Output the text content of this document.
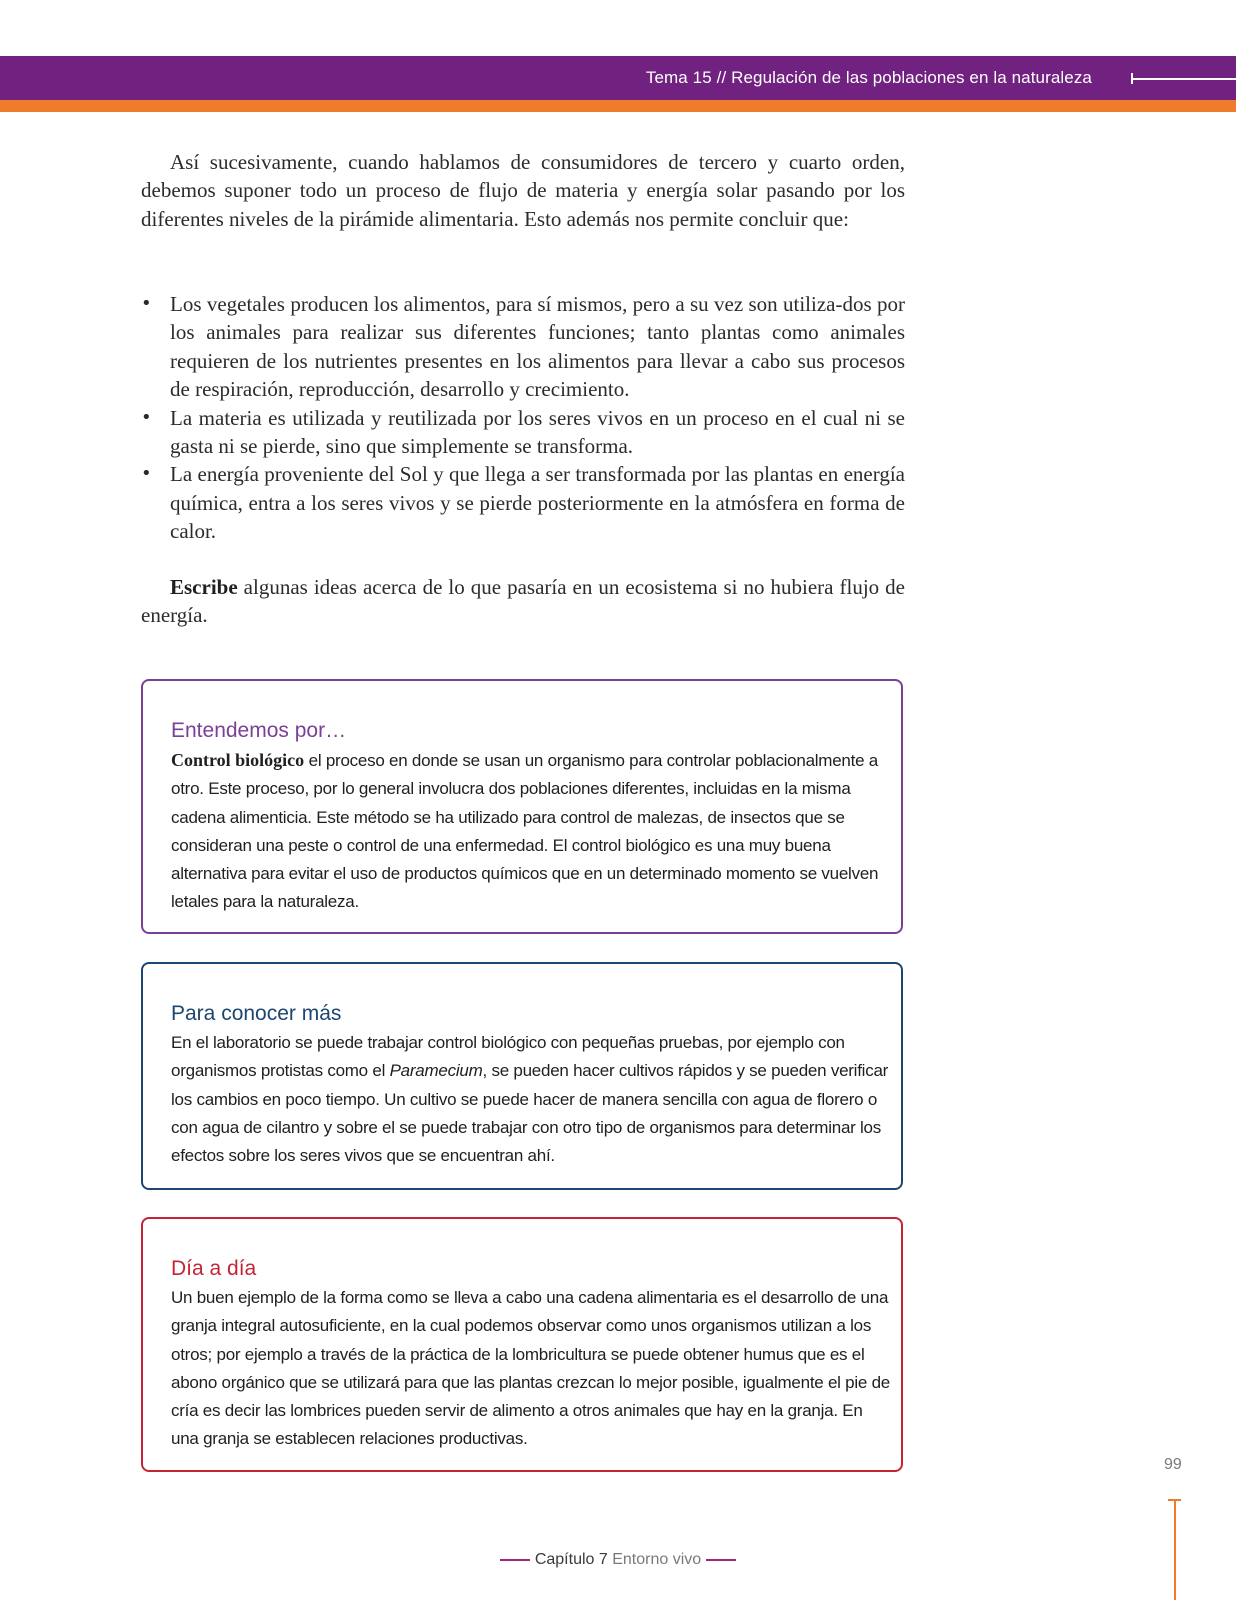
Tema 15 // Regulación de las poblaciones en la naturaleza

Así sucesivamente, cuando hablamos de consumidores de tercero y cuarto orden, debemos suponer todo un proceso de flujo de materia y energía solar pasando por los diferentes niveles de la pirámide alimentaria. Esto además nos permite concluir que:

• Los vegetales producen los alimentos, para sí mismos, pero a su vez son utiliza-dos por los animales para realizar sus diferentes funciones; tanto plantas como animales requieren de los nutrientes presentes en los alimentos para llevar a cabo sus procesos de respiración, reproducción, desarrollo y crecimiento.
• La materia es utilizada y reutilizada por los seres vivos en un proceso en el cual ni se gasta ni se pierde, sino que simplemente se transforma.
• La energía proveniente del Sol y que llega a ser transformada por las plantas en energía química, entra a los seres vivos y se pierde posteriormente en la atmósfera en forma de calor.

Escribe algunas ideas acerca de lo que pasaría en un ecosistema si no hubiera flujo de energía.

Entendemos por…
Control biológico el proceso en donde se usan un organismo para controlar poblacionalmente a otro. Este proceso, por lo general involucra dos poblaciones diferentes, incluidas en la misma cadena alimenticia. Este método se ha utilizado para control de malezas, de insectos que se consideran una peste o control de una enfermedad. El control biológico es una muy buena alternativa para evitar el uso de productos químicos que en un determinado momento se vuelven letales para la naturaleza.
Para conocer más
En el laboratorio se puede trabajar control biológico con pequeñas pruebas, por ejemplo con organismos protistas como el Paramecium, se pueden hacer cultivos rápidos y se pueden verificar los cambios en poco tiempo. Un cultivo se puede hacer de manera sencilla con agua de florero o con agua de cilantro y sobre el se puede trabajar con otro tipo de organismos para determinar los efectos sobre los seres vivos que se encuentran ahí.
Día a día
Un buen ejemplo de la forma como se lleva a cabo una cadena alimentaria es el desarrollo de una granja integral autosuficiente, en la cual podemos observar como unos organismos utilizan a los otros; por ejemplo a través de la práctica de la lombricultura se puede obtener humus que es el abono orgánico que se utilizará para que las plantas crezcan lo mejor posible, igualmente el pie de cría es decir las lombrices pueden servir de alimento a otros animales que hay en la granja. En una granja se establecen relaciones productivas.
99
Capítulo 7 Entorno vivo
